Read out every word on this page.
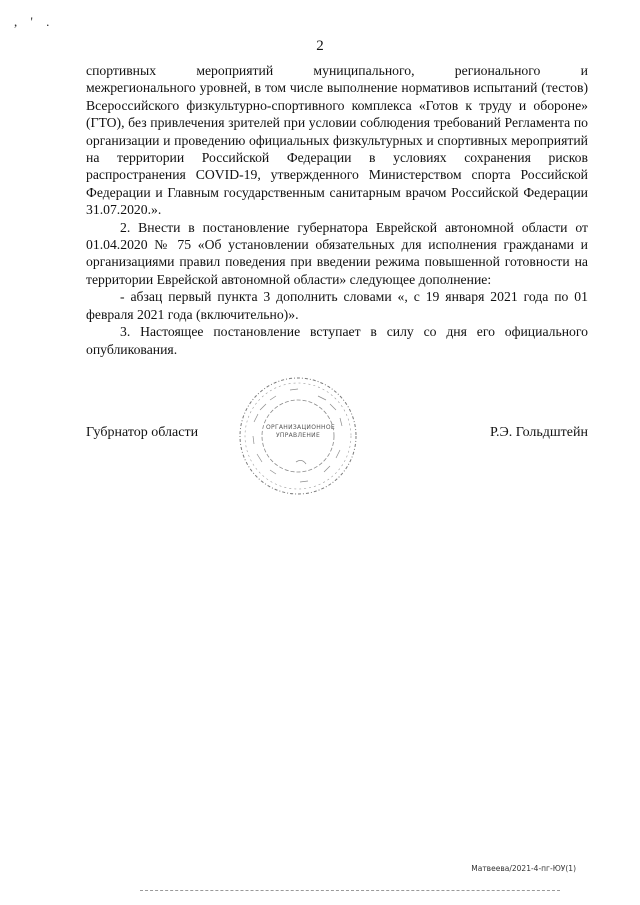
, ' .
2

спортивных мероприятий муниципального, регионального и

межрегионального уровней, в том числе выполнение нормативов испытаний (тестов) Всероссийского физкультурно-спортивного комплекса «Готов к труду и обороне» (ГТО), без привлечения зрителей при условии соблюдения требований Регламента по организации и проведению официальных физкультурных и спортивных мероприятий на территории Российской Федерации в условиях сохранения рисков распространения COVID-19, утвержденного Министерством спорта Российской Федерации и Главным государственным санитарным врачом Российской Федерации 31.07.2020.».

2. Внести в постановление губернатора Еврейской автономной области от 01.04.2020 № 75 «Об установлении обязательных для исполнения гражданами и организациями правил поведения при введении режима повышенной готовности на территории Еврейской автономной области» следующее дополнение:

- абзац первый пункта 3 дополнить словами «, с 19 января 2021 года по 01 февраля 2021 года (включительно)».

3. Настоящее постановление вступает в силу со дня его официального опубликования.

Губрнатор области	ОРГАНИЗАЦИОННОЕ УПРАВЛЕНИЕ	Р.Э. Гольдштейн
Матвеева/2021-4-пг-ЮУ(1)
